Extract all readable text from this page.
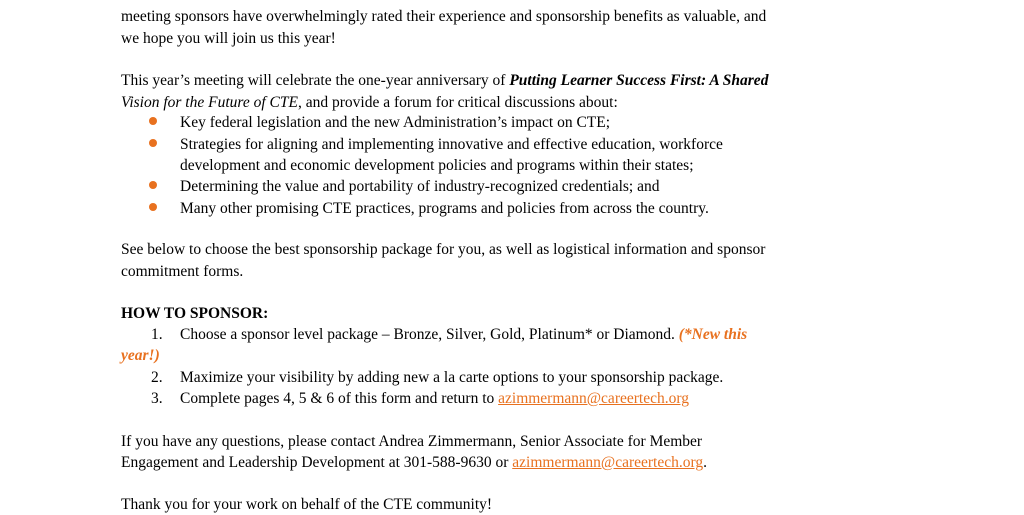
meeting sponsors have overwhelmingly rated their experience and sponsorship benefits as valuable, and
we hope you will join us this year!
This year’s meeting will celebrate the one-year anniversary of Putting Learner Success First: A Shared
Vision for the Future of CTE, and provide a forum for critical discussions about:
Key federal legislation and the new Administration’s impact on CTE;
Strategies for aligning and implementing innovative and effective education, workforce
development and economic development policies and programs within their states;
Determining the value and portability of industry-recognized credentials; and
Many other promising CTE practices, programs and policies from across the country.
See below to choose the best sponsorship package for you, as well as logistical information and sponsor
commitment forms.
HOW TO SPONSOR:
1. Choose a sponsor level package – Bronze, Silver, Gold, Platinum* or Diamond. (*New this
year!)
2. Maximize your visibility by adding new a la carte options to your sponsorship package.
3. Complete pages 4, 5 & 6 of this form and return to azimmermann@careertech.org
If you have any questions, please contact Andrea Zimmermann, Senior Associate for Member
Engagement and Leadership Development at 301-588-9630 or azimmermann@careertech.org.
Thank you for your work on behalf of the CTE community!
